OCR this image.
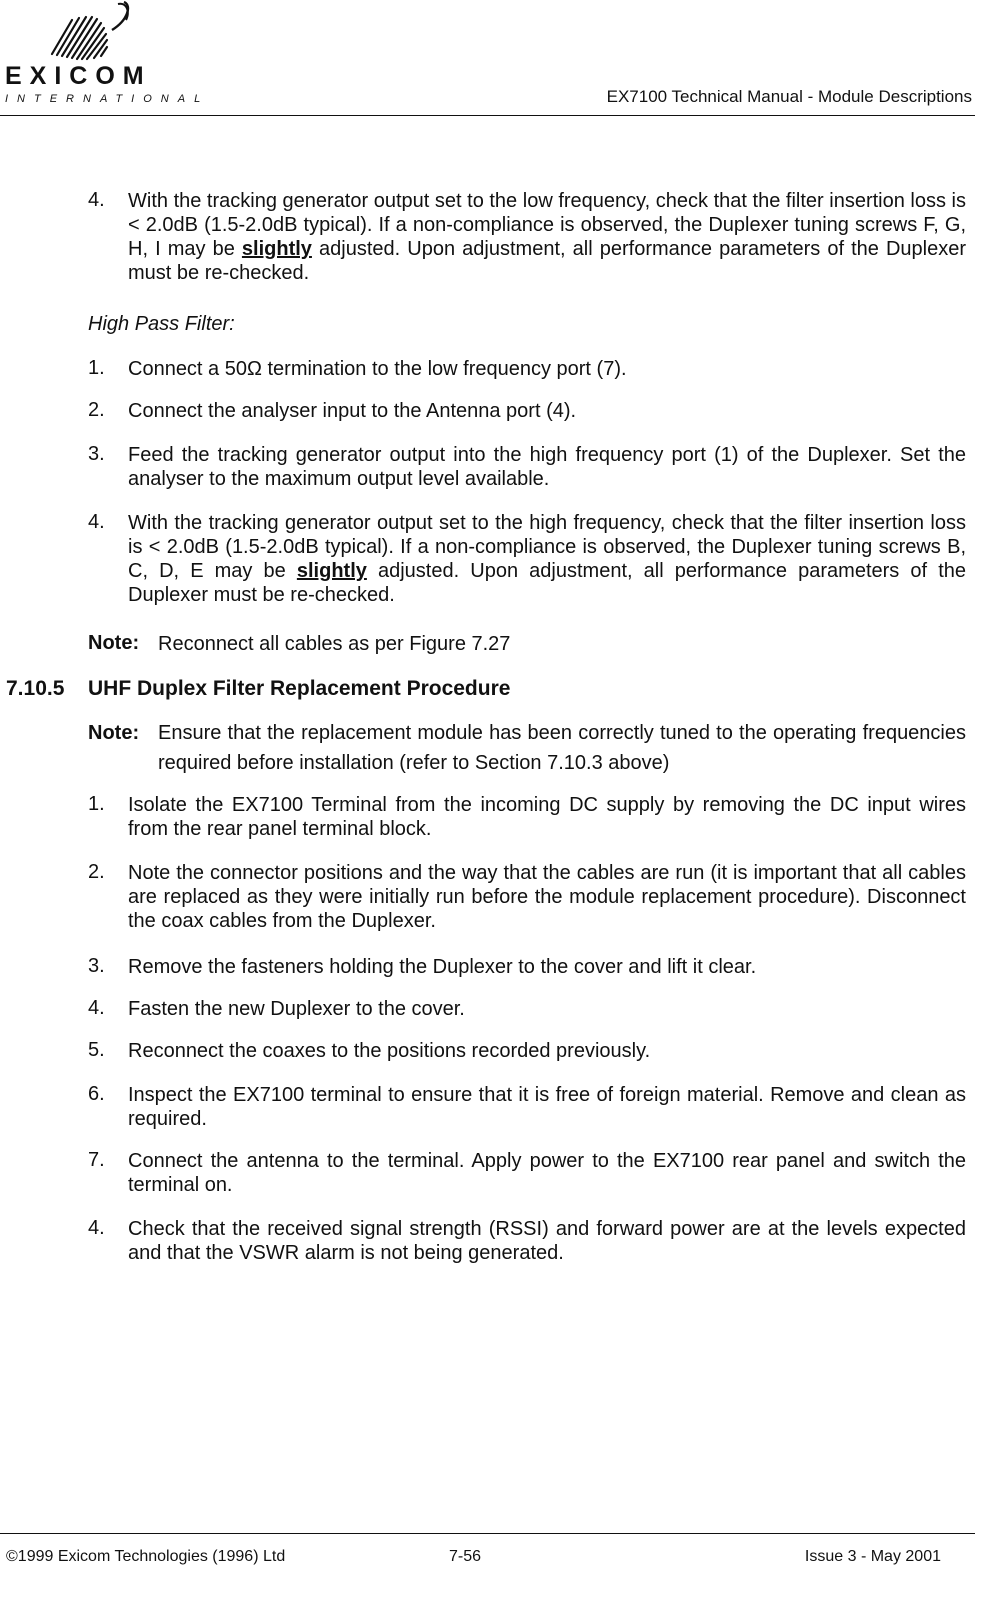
EXICOM
INTERNATIONAL	EX7100 Technical Manual - Module Descriptions
4. With the tracking generator output set to the low frequency, check that the filter insertion loss is < 2.0dB (1.5-2.0dB typical). If a non-compliance is observed, the Duplexer tuning screws F, G, H, I may be slightly adjusted. Upon adjustment, all performance parameters of the Duplexer must be re-checked.
High Pass Filter:
1. Connect a 50Ω termination to the low frequency port (7).
2. Connect the analyser input to the Antenna port (4).
3. Feed the tracking generator output into the high frequency port (1) of the Duplexer. Set the analyser to the maximum output level available.
4. With the tracking generator output set to the high frequency, check that the filter insertion loss is < 2.0dB (1.5-2.0dB typical). If a non-compliance is observed, the Duplexer tuning screws B, C, D, E may be slightly adjusted. Upon adjustment, all performance parameters of the Duplexer must be re-checked.
Note: Reconnect all cables as per Figure 7.27
7.10.5 UHF Duplex Filter Replacement Procedure
Note: Ensure that the replacement module has been correctly tuned to the operating frequencies required before installation (refer to Section 7.10.3 above)
1. Isolate the EX7100 Terminal from the incoming DC supply by removing the DC input wires from the rear panel terminal block.
2. Note the connector positions and the way that the cables are run (it is important that all cables are replaced as they were initially run before the module replacement procedure). Disconnect the coax cables from the Duplexer.
3. Remove the fasteners holding the Duplexer to the cover and lift it clear.
4. Fasten the new Duplexer to the cover.
5. Reconnect the coaxes to the positions recorded previously.
6. Inspect the EX7100 terminal to ensure that it is free of foreign material. Remove and clean as required.
7. Connect the antenna to the terminal. Apply power to the EX7100 rear panel and switch the terminal on.
4. Check that the received signal strength (RSSI) and forward power are at the levels expected and that the VSWR alarm is not being generated.
©1999 Exicom Technologies (1996) Ltd	7-56	Issue 3 - May 2001
